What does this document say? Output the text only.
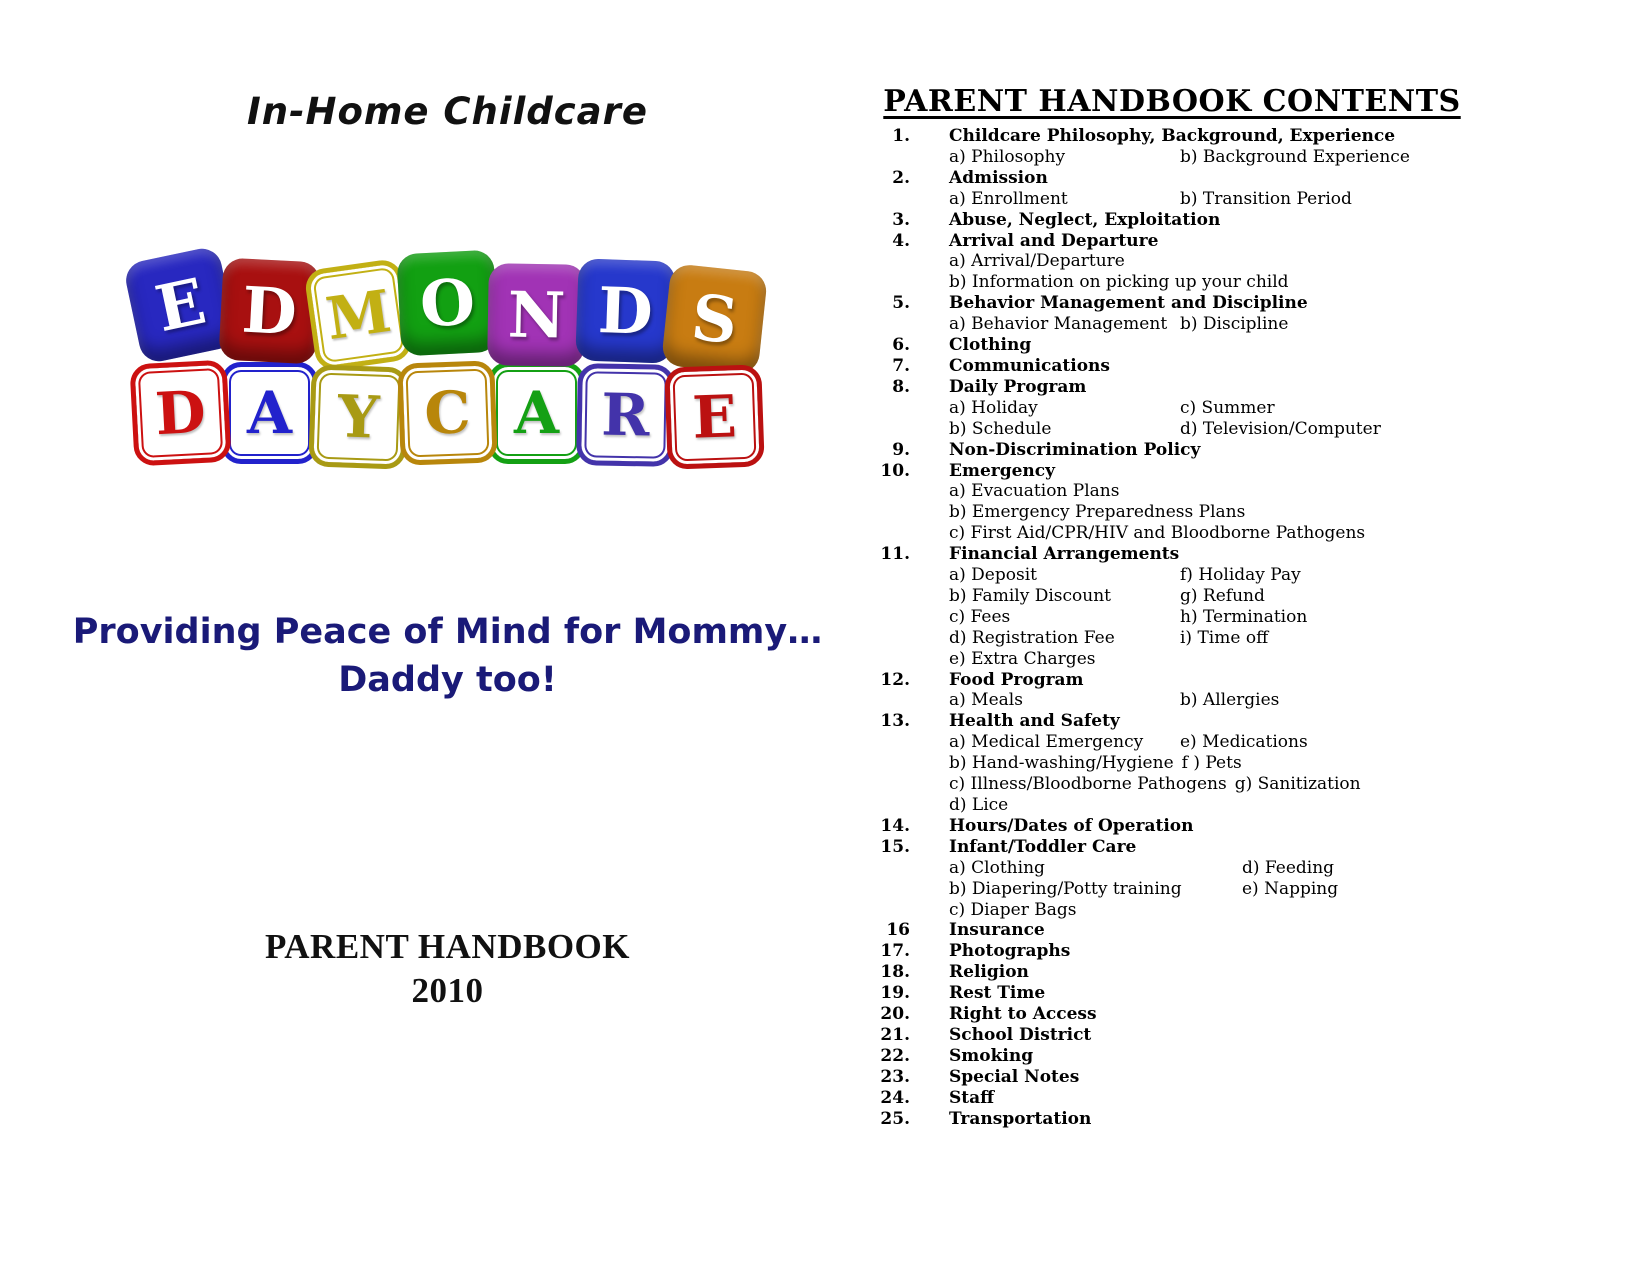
In-Home Childcare
E D M O N D S
D A Y C A R E
Providing Peace of Mind for Mommy…
Daddy too!
PARENT HANDBOOK
2010
PARENT HANDBOOK CONTENTS
1. Childcare Philosophy, Background, Experience
a) Philosophy	b) Background Experience
2. Admission
a) Enrollment	b) Transition Period
3. Abuse, Neglect, Exploitation
4. Arrival and Departure
a) Arrival/Departure
b) Information on picking up your child
5. Behavior Management and Discipline
a) Behavior Management b) Discipline
6. Clothing
7. Communications
8. Daily Program
a) Holiday	c) Summer
b) Schedule	d) Television/Computer
9. Non-Discrimination Policy
10. Emergency
a) Evacuation Plans
b) Emergency Preparedness Plans
c) First Aid/CPR/HIV and Bloodborne Pathogens
11. Financial Arrangements
a) Deposit	f) Holiday Pay
b) Family Discount	g) Refund
c) Fees	h) Termination
d) Registration Fee	i) Time off
e) Extra Charges
12. Food Program
a) Meals	b) Allergies
13. Health and Safety
a) Medical Emergency	e) Medications
b) Hand-washing/Hygiene f ) Pets
c) Illness/Bloodborne Pathogens g) Sanitization
d) Lice
14. Hours/Dates of Operation
15. Infant/Toddler Care
a) Clothing	d) Feeding
b) Diapering/Potty training	e) Napping
c) Diaper Bags
16 Insurance
17. Photographs
18. Religion
19. Rest Time
20. Right to Access
21. School District
22. Smoking
23. Special Notes
24. Staff
25. Transportation
